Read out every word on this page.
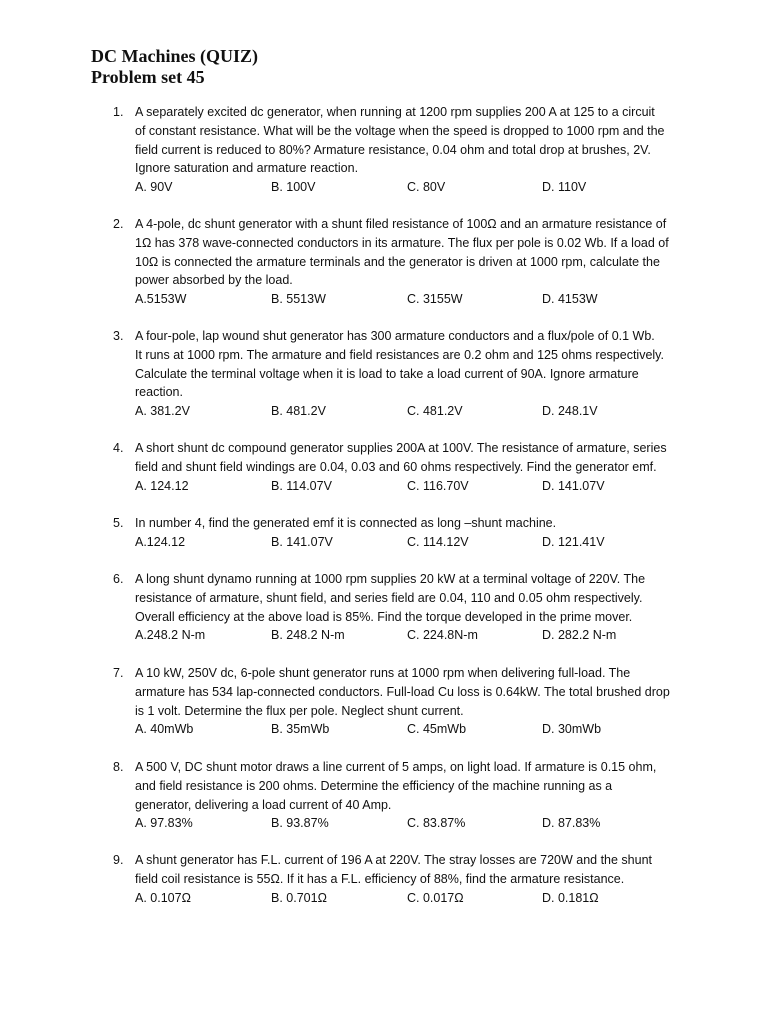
DC Machines (QUIZ)
Problem set 45
1. A separately excited dc generator, when running at 1200 rpm supplies 200 A at 125 to a circuit
of constant resistance. What will be the voltage when the speed is dropped to 1000 rpm and the
field current is reduced to 80%? Armature resistance, 0.04 ohm and total drop at brushes, 2V.
Ignore saturation and armature reaction.
A. 90V	B. 100V	C. 80V	D. 110V
2. A 4-pole, dc shunt generator with a shunt filed resistance of 100Ω and an armature resistance of
1Ω has 378 wave-connected conductors in its armature. The flux per pole is 0.02 Wb. If a load of
10Ω is connected the armature terminals and the generator is driven at 1000 rpm, calculate the
power absorbed by the load.
A.5153W	B. 5513W	C. 3155W	D. 4153W
3. A four-pole, lap wound shut generator has 300 armature conductors and a flux/pole of 0.1 Wb.
It runs at 1000 rpm. The armature and field resistances are 0.2 ohm and 125 ohms respectively.
Calculate the terminal voltage when it is load to take a load current of 90A. Ignore armature
reaction.
A. 381.2V	B. 481.2V	C. 481.2V	D. 248.1V
4. A short shunt dc compound generator supplies 200A at 100V. The resistance of armature, series
field and shunt field windings are 0.04, 0.03 and 60 ohms respectively. Find the generator emf.
A. 124.12	B. 114.07V	C. 116.70V	D. 141.07V
5. In number 4, find the generated emf it is connected as long –shunt machine.
A.124.12	B. 141.07V	C. 114.12V	D. 121.41V
6. A long shunt dynamo running at 1000 rpm supplies 20 kW at a terminal voltage of 220V. The
resistance of armature, shunt field, and series field are 0.04, 110 and 0.05 ohm respectively.
Overall efficiency at the above load is 85%. Find the torque developed in the prime mover.
A.248.2 N-m	B. 248.2 N-m	C. 224.8N-m	D. 282.2 N-m
7. A 10 kW, 250V dc, 6-pole shunt generator runs at 1000 rpm when delivering full-load. The
armature has 534 lap-connected conductors. Full-load Cu loss is 0.64kW. The total brushed drop
is 1 volt. Determine the flux per pole. Neglect shunt current.
A. 40mWb	B. 35mWb	C. 45mWb	D. 30mWb
8. A 500 V, DC shunt motor draws a line current of 5 amps, on light load. If armature is 0.15 ohm,
and field resistance is 200 ohms. Determine the efficiency of the machine running as a
generator, delivering a load current of 40 Amp.
A. 97.83%	B. 93.87%	C. 83.87%	D. 87.83%
9. A shunt generator has F.L. current of 196 A at 220V. The stray losses are 720W and the shunt
field coil resistance is 55Ω. If it has a F.L. efficiency of 88%, find the armature resistance.
A. 0.107Ω	B. 0.701Ω	C. 0.017Ω	D. 0.181Ω
